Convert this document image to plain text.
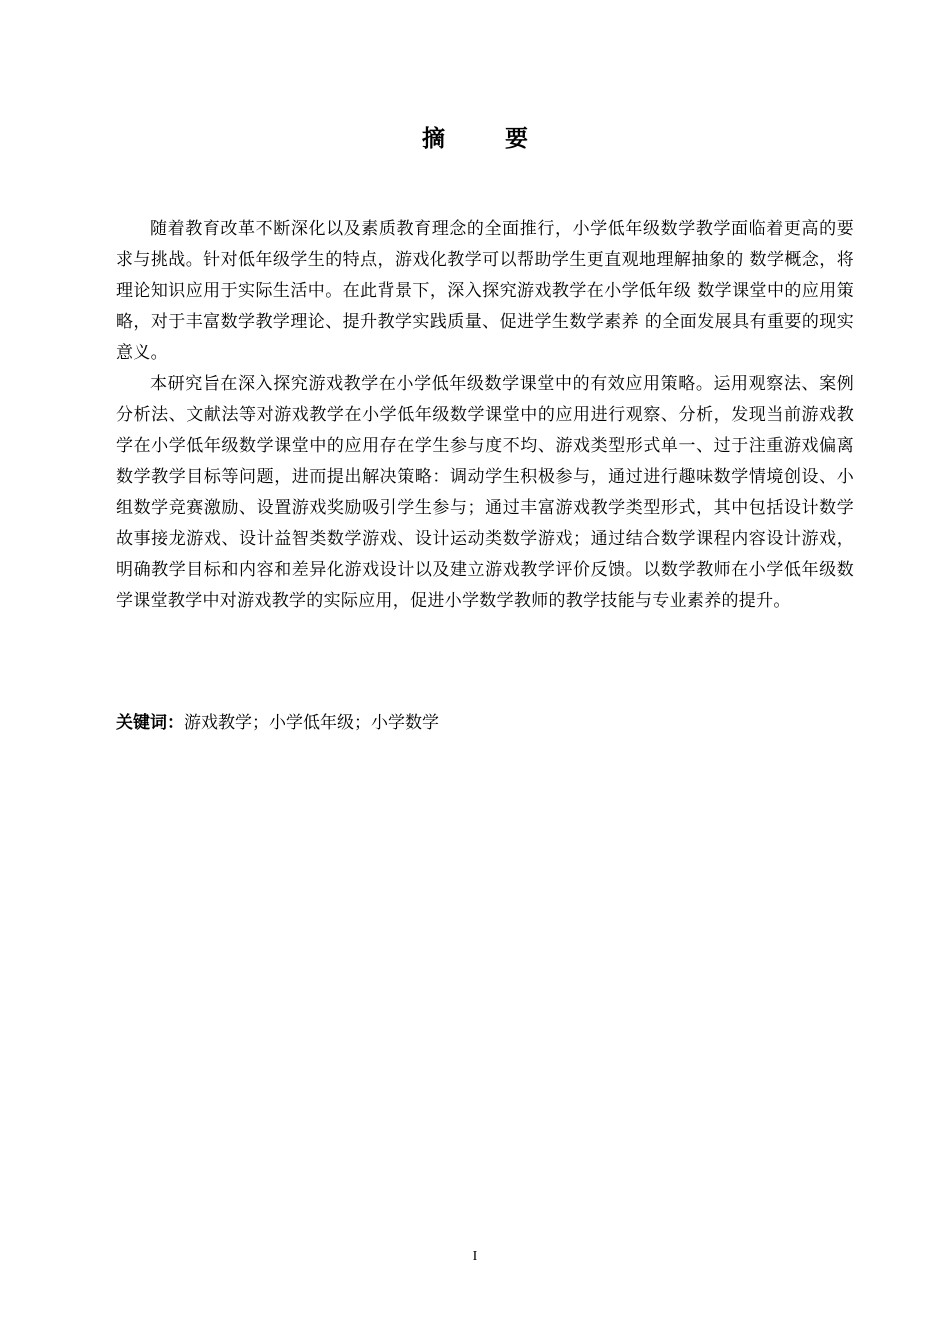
摘 要

随着教育改革不断深化以及素质教育理念的全面推行，小学低年级数学教学面临着更高的要求与挑战。针对低年级学生的特点，游戏化教学可以帮助学生更直观地理解抽象的 数学概念，将理论知识应用于实际生活中。在此背景下，深入探究游戏教学在小学低年级 数学课堂中的应用策略，对于丰富数学教学理论、提升教学实践质量、促进学生数学素养 的全面发展具有重要的现实意义。

本研究旨在深入探究游戏教学在小学低年级数学课堂中的有效应用策略。运用观察法、案例分析法、文献法等对游戏教学在小学低年级数学课堂中的应用进行观察、分析，发现当前游戏教学在小学低年级数学课堂中的应用存在学生参与度不均、游戏类型形式单一、过于注重游戏偏离数学教学目标等问题，进而提出解决策略：调动学生积极参与，通过进行趣味数学情境创设、小组数学竞赛激励、设置游戏奖励吸引学生参与；通过丰富游戏教学类型形式，其中包括设计数学故事接龙游戏、设计益智类数学游戏、设计运动类数学游戏；通过结合数学课程内容设计游戏，明确教学目标和内容和差异化游戏设计以及建立游戏教学评价反馈。以数学教师在小学低年级数学课堂教学中对游戏教学的实际应用，促进小学数学教师的教学技能与专业素养的提升。

关键词：游戏教学；小学低年级；小学数学
I
